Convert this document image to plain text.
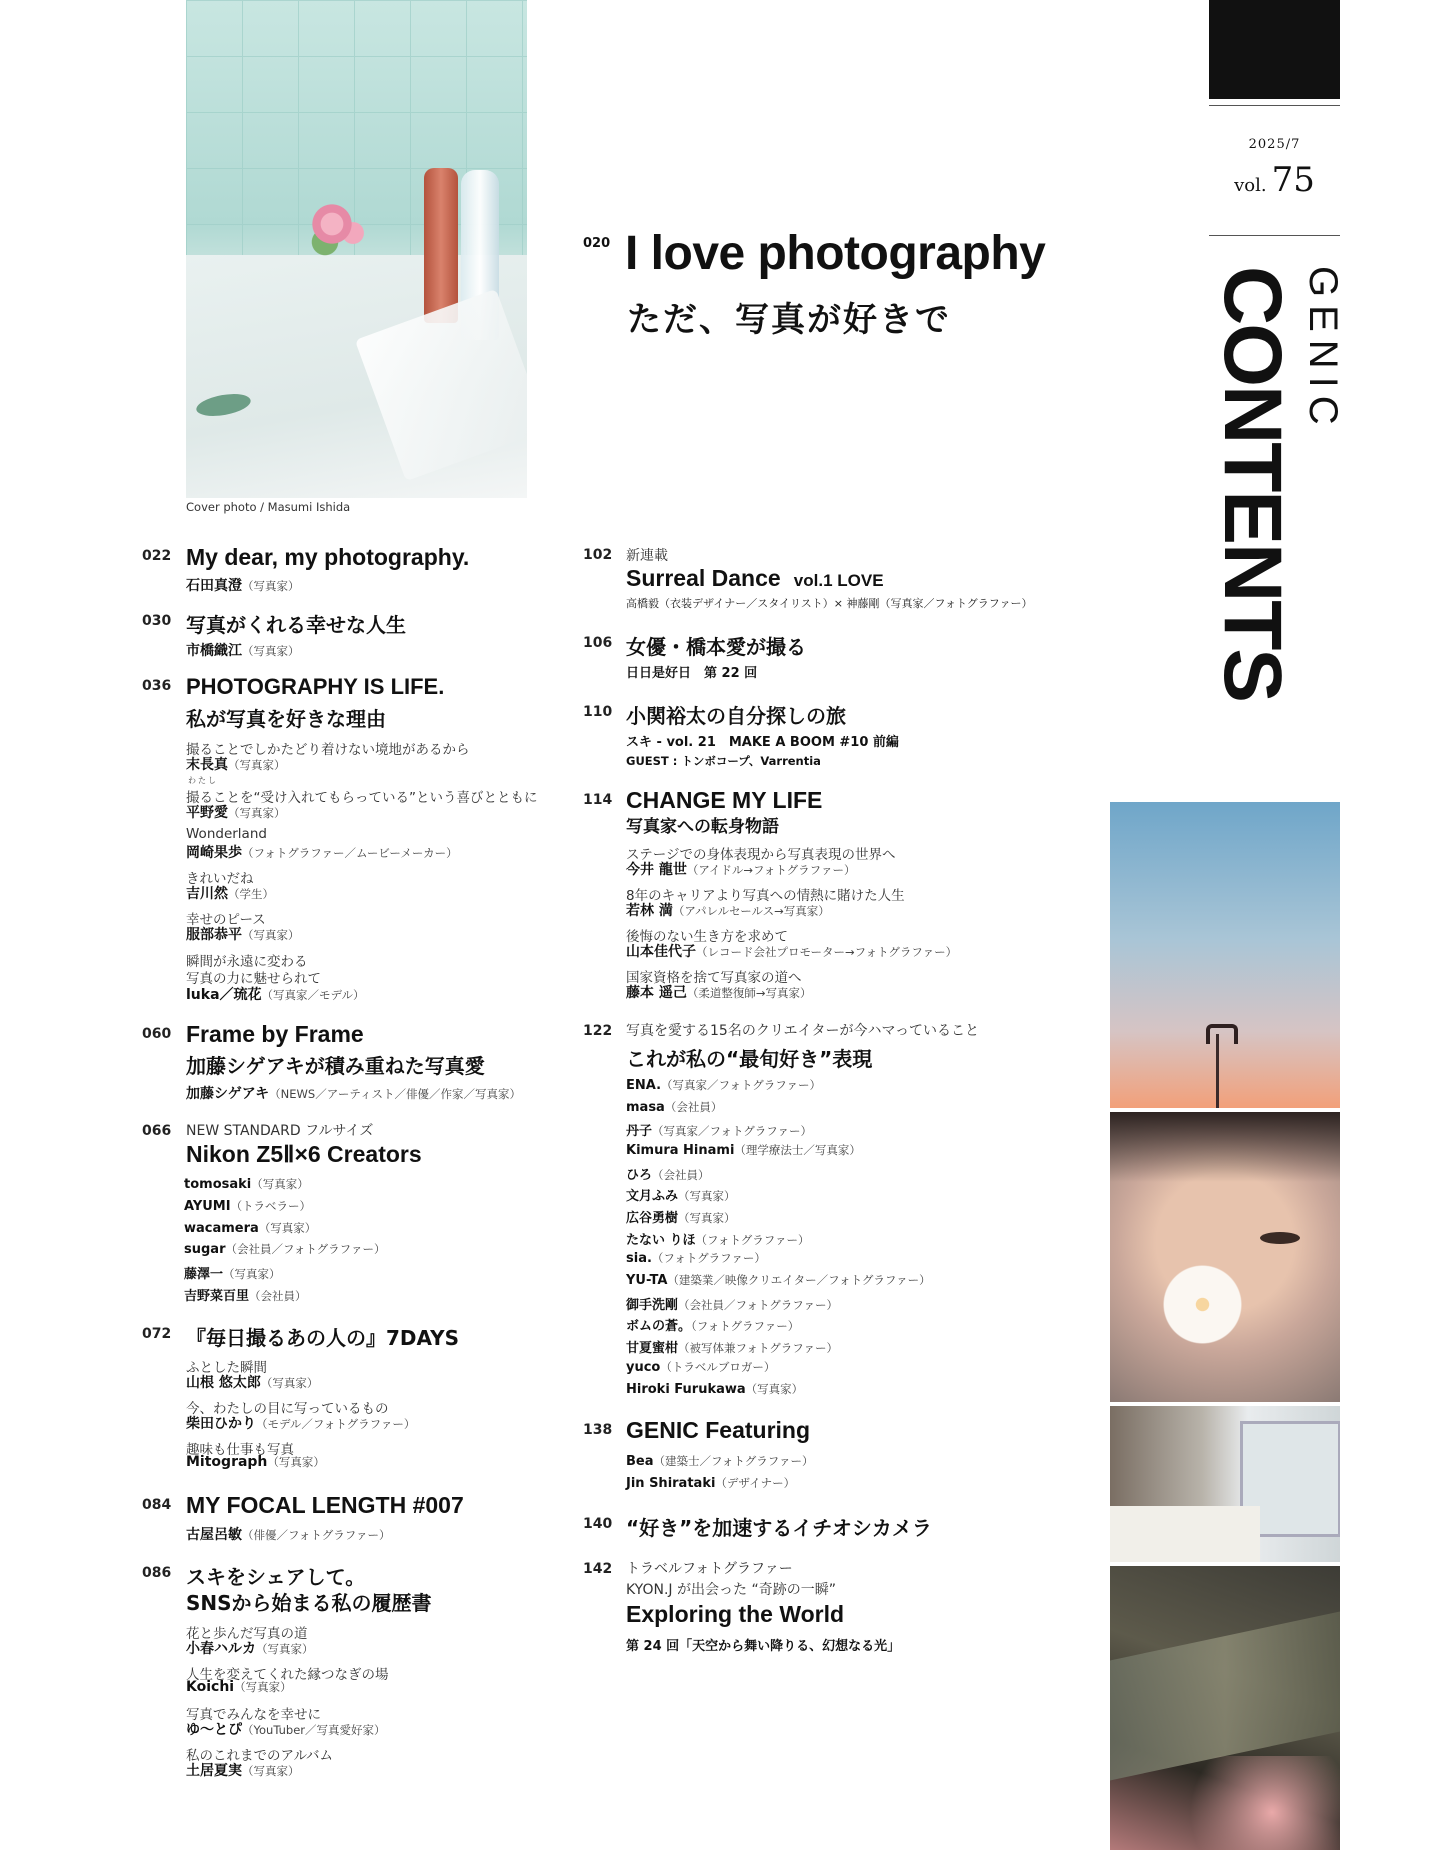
Cover photo / Masumi Ishida
2025/7
vol. 75
GENIC
CONTENTS
020 I love photography
ただ、写真が好きで
022 My dear, my photography.
石田真澄（写真家）
030 写真がくれる幸せな人生
市橋織江（写真家）
036 PHOTOGRAPHY IS LIFE.
私が写真を好きな理由
撮ることでしかたどり着けない境地があるから
末長真（写真家）
わたし
撮ることを“受け入れてもらっている”という喜びとともに
平野愛（写真家）
Wonderland
岡崎果歩（フォトグラファー／ムービーメーカー）
きれいだね
吉川然（学生）
幸せのピース
服部恭平（写真家）
瞬間が永遠に変わる
写真の力に魅せられて
luka／琉花（写真家／モデル）
060 Frame by Frame
加藤シゲアキが積み重ねた写真愛
加藤シゲアキ（NEWS／アーティスト／俳優／作家／写真家）
066 NEW STANDARD フルサイズ
Nikon Z5Ⅱ×6 Creators
tomosaki（写真家）
AYUMI（トラベラー）
wacamera（写真家）
sugar（会社員／フォトグラファー）
藤澤一（写真家）
吉野菜百里（会社員）
072 『毎日撮るあの人の』7DAYS
ふとした瞬間
山根 悠太郎（写真家）
今、わたしの目に写っているもの
柴田ひかり（モデル／フォトグラファー）
趣味も仕事も写真
Mitograph（写真家）
084 MY FOCAL LENGTH #007
古屋呂敏（俳優／フォトグラファー）
086 スキをシェアして。
SNSから始まる私の履歴書
花と歩んだ写真の道
小春ハルカ（写真家）
人生を変えてくれた縁つなぎの場
Koichi（写真家）
写真でみんなを幸せに
ゆ〜とぴ（YouTuber／写真愛好家）
私のこれまでのアルバム
土居夏実（写真家）
102 新連載
Surreal Dance vol.1 LOVE
高橋毅（衣装デザイナー／スタイリスト）× 神藤剛（写真家／フォトグラファー）
106 女優・橋本愛が撮る
日日是好日　第 22 回
110 小関裕太の自分探しの旅
スキ - vol. 21　MAKE A BOOM #10 前編
GUEST : トンボコープ、Varrentia
114 CHANGE MY LIFE
写真家への転身物語
ステージでの身体表現から写真表現の世界へ
今井 龍世（アイドル→フォトグラファー）
8年のキャリアより写真への情熱に賭けた人生
若林 満（アパレルセールス→写真家）
後悔のない生き方を求めて
山本佳代子（レコード会社プロモーター→フォトグラファー）
国家資格を捨て写真家の道へ
藤本 遥己（柔道整復師→写真家）
122 写真を愛する15名のクリエイターが今ハマっていること
これが私の“最旬好き”表現
ENA.（写真家／フォトグラファー）
masa（会社員）
丹子（写真家／フォトグラファー）
Kimura Hinami（理学療法士／写真家）
ひろ（会社員）
文月ふみ（写真家）
広谷勇樹（写真家）
たない りほ（フォトグラファー）
sia.（フォトグラファー）
YU-TA（建築業／映像クリエイター／フォトグラファー）
御手洗剛（会社員／フォトグラファー）
ボムの蒼。（フォトグラファー）
甘夏蜜柑（被写体兼フォトグラファー）
yuco（トラベルブロガー）
Hiroki Furukawa（写真家）
138 GENIC Featuring
Bea（建築士／フォトグラファー）
Jin Shirataki（デザイナー）
140 “好き”を加速するイチオシカメラ
142 トラベルフォトグラファー
KYON.J が出会った “奇跡の一瞬”
Exploring the World
第 24 回「天空から舞い降りる、幻想なる光」
